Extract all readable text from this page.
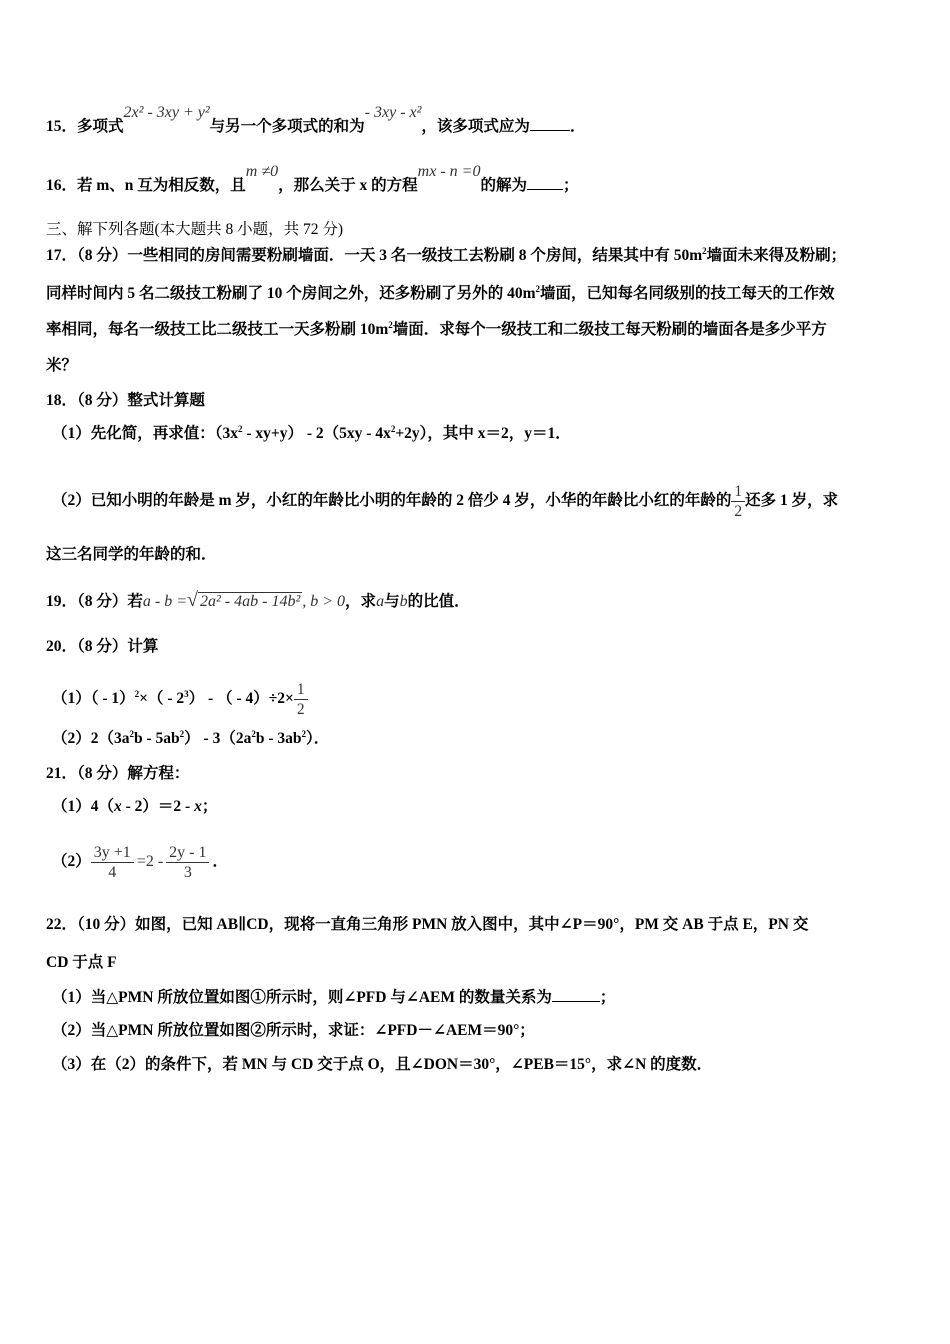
15．多项式2x² - 3xy + y²与另一个多项式的和为- 3xy - x²，该多项式应为	．
16．若 m、n 互为相反数，且m ≠0，那么关于 x 的方程mx - n =0的解为 ；
三、解下列各题(本大题共 8 小题，共 72 分)
17．（8 分）一些相同的房间需要粉刷墙面．一天 3 名一级技工去粉刷 8 个房间，结果其中有 $50m^2$墙面未来得及粉刷；
同样时间内 5 名二级技工粉刷了 10 个房间之外，还多粉刷了另外的 $40m^2$墙面，已知每名同级别的技工每天的工作效
率相同，每名一级技工比二级技工一天多粉刷 $10m^2$墙面．求每个一级技工和二级技工每天粉刷的墙面各是多少平方
米？
18．（8 分）整式计算题
（1）先化简，再求值：$(3x^2 - xy+y) - 2(5xy - 4x^2+2y)$，其中 x＝2，y＝1．
（2）已知小明的年龄是 m 岁，小红的年龄比小明的年龄的 2 倍少 4 岁，小华的年龄比小红的年龄的 $\frac{1}{2}$ 还多 1 岁，求
这三名同学的年龄的和．
19．（8 分）若a - b =√ 2a² - 4ab - 14b² , b > 0，求a与b的比值．
20．（8 分）计算
$(1)( - 1)^2\times( - 2^3)$ - （ - $4)\div 2\times \frac{1}{2}$
$(2)2(3a^2b - 5ab^2) - 3(2a^2b - 3ab^2)$．
21．（8 分）解方程：
（1）4（x - 2）＝2 - x；
$(2) \frac{3y +1}{4} =2 - \frac{2y - 1}{3}$ ．
22．（10 分）如图，已知 AB∥CD，现将一直角三角形 PMN 放入图中，其中∠P＝90°，PM 交 AB 于点 E，PN 交
CD 于点 F
（1）当△PMN 所放位置如图①所示时，则∠PFD 与∠AEM 的数量关系为	；
（2）当△PMN 所放位置如图②所示时，求证：∠PFD－∠AEM＝90°；
（3）在（2）的条件下，若 MN 与 CD 交于点 O，且∠DON＝30°，∠PEB＝15°，求∠N 的度数．
